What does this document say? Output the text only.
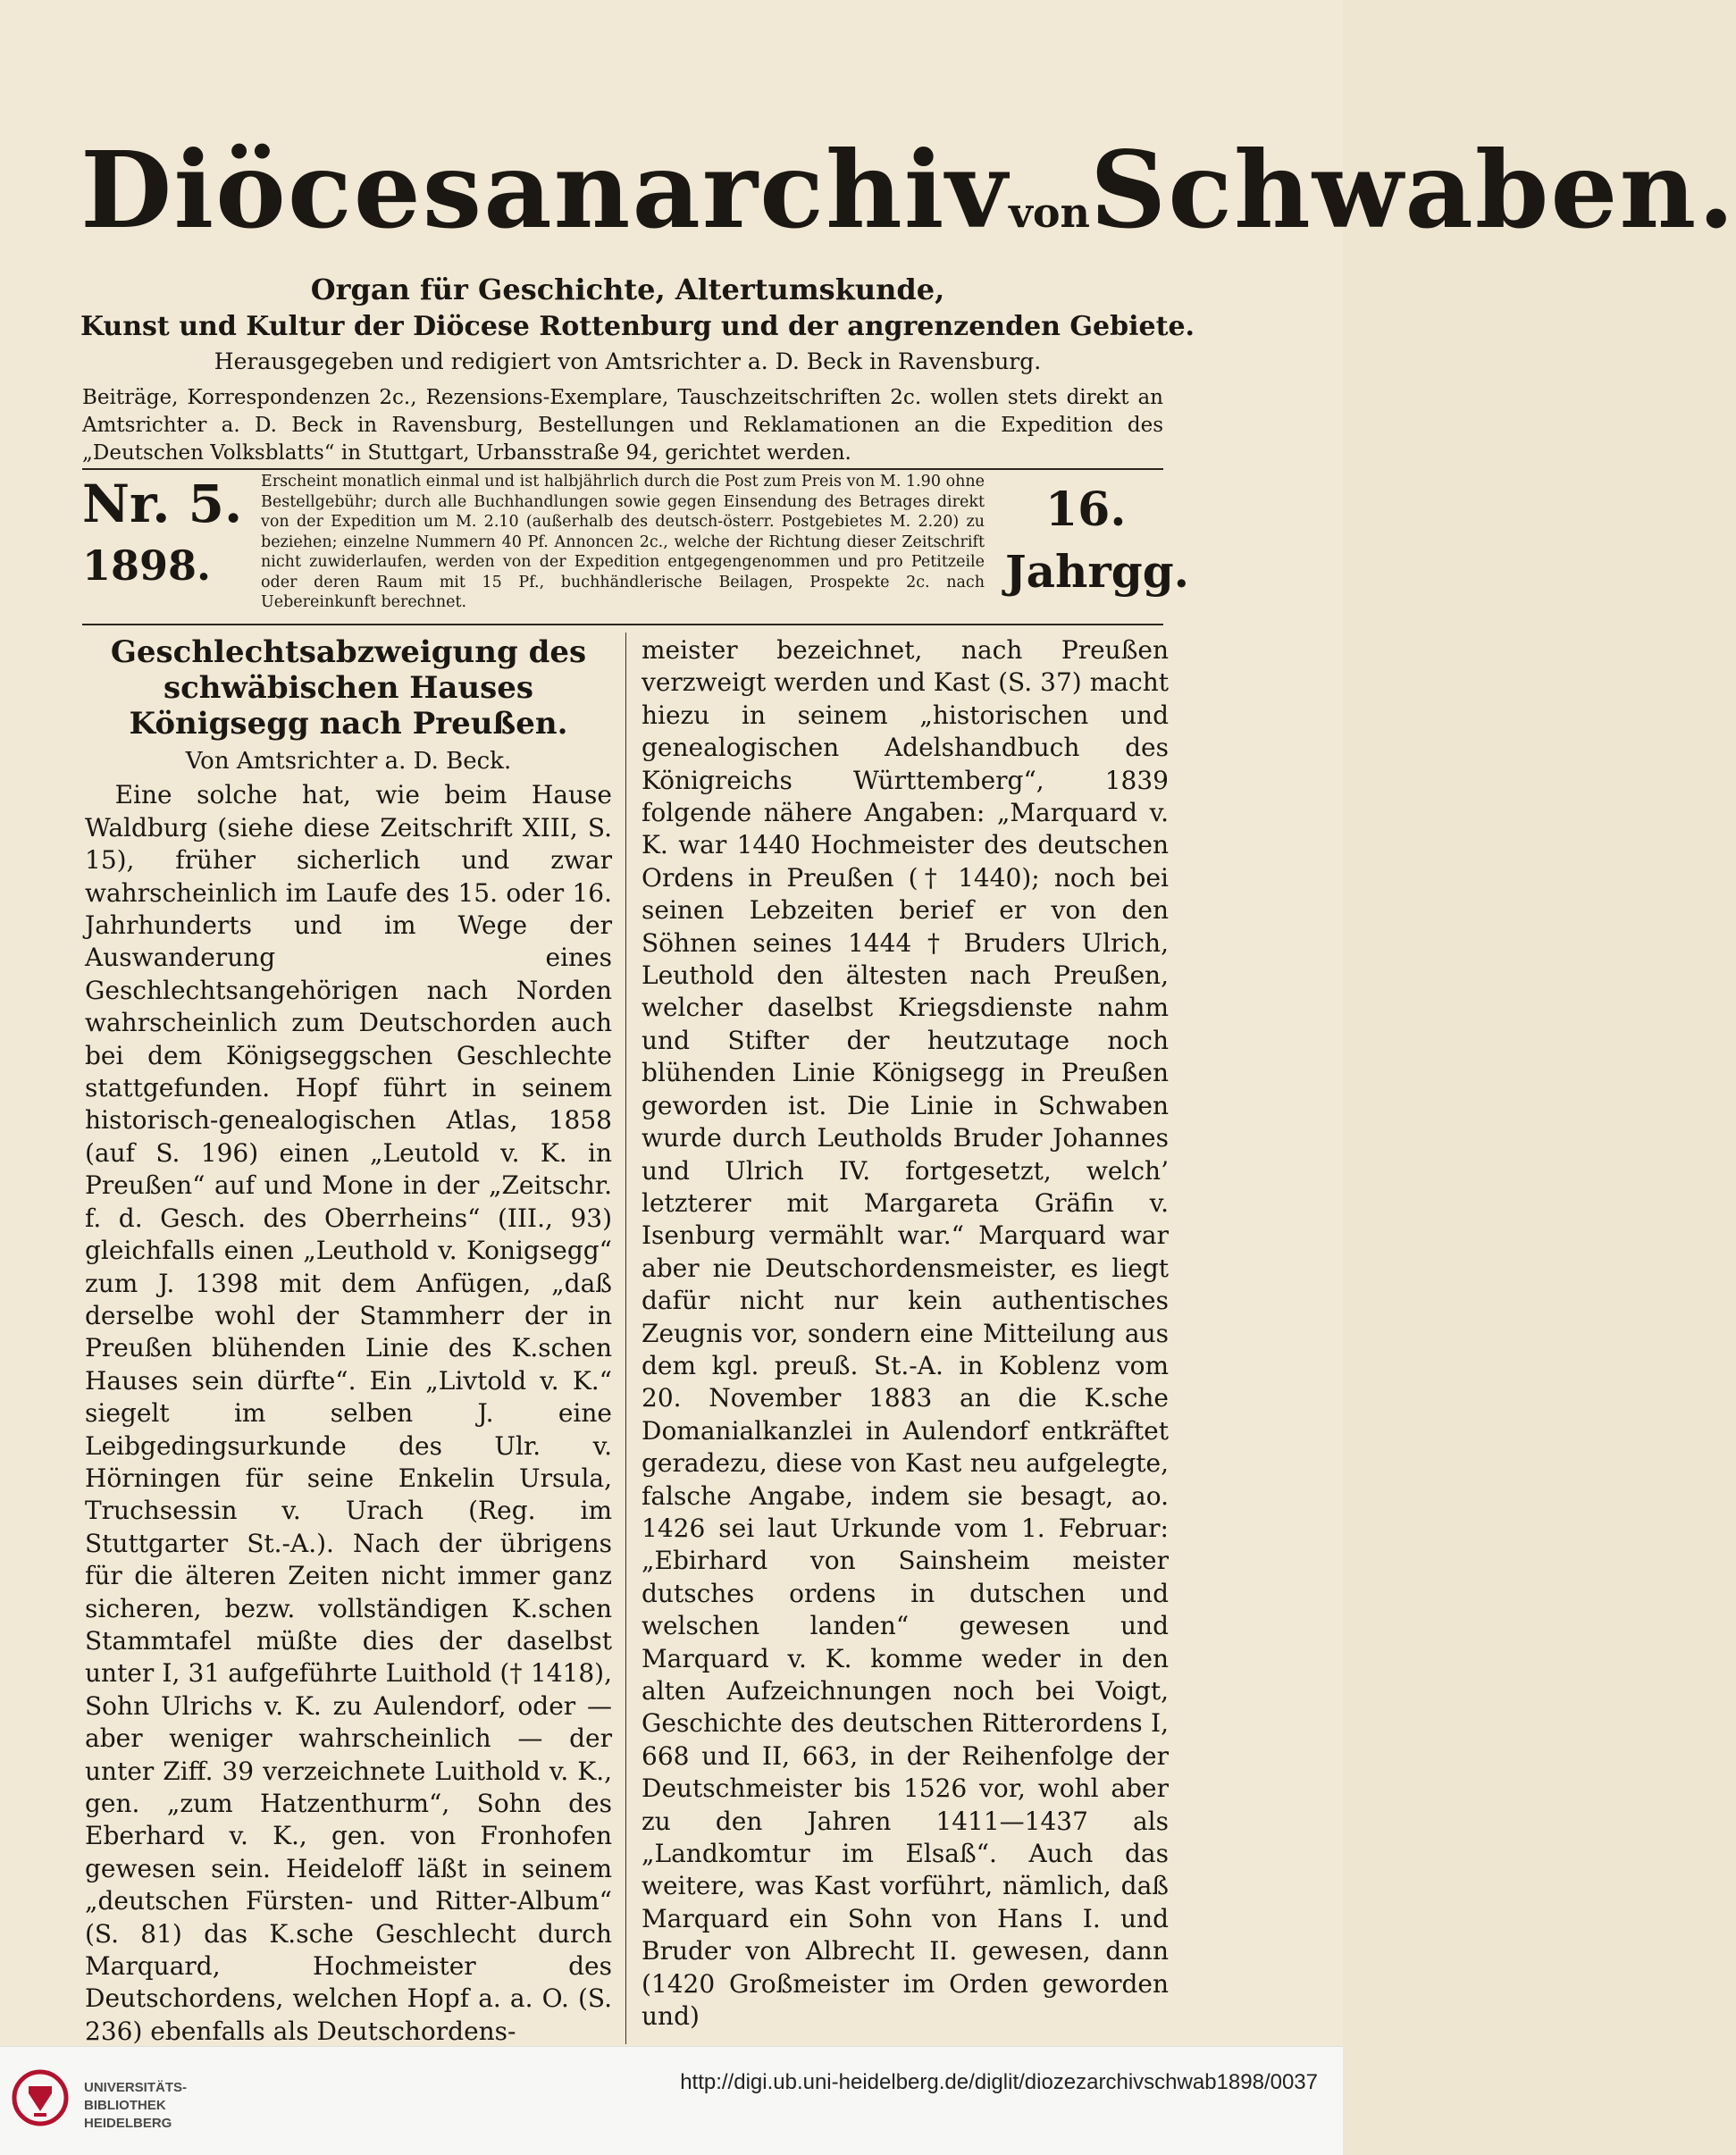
DiöcesanarchivvonSchwaben.
Organ für Geschichte, Altertumskunde,
Kunst und Kultur der Diöcese Rottenburg und der angrenzenden Gebiete.
Herausgegeben und redigiert von Amtsrichter a. D. Beck in Ravensburg.
Beiträge, Korrespondenzen 2c., Rezensions-Exemplare, Tauschzeitschriften 2c. wollen stets direkt an Amtsrichter a. D. Beck in Ravensburg, Bestellungen und Reklamationen an die Expedition des „Deutschen Volksblatts“ in Stuttgart, Urbansstraße 94, gerichtet werden.
Nr. 5.
1898.
Erscheint monatlich einmal und ist halbjährlich durch die Post zum Preis von M. 1.90 ohne Bestellgebühr; durch alle Buchhandlungen sowie gegen Einsendung des Betrages direkt von der Expedition um M. 2.10 (außerhalb des deutsch-österr. Postgebietes M. 2.20) zu beziehen; einzelne Nummern 40 Pf. Annoncen 2c., welche der Richtung dieser Zeitschrift nicht zuwiderlaufen, werden von der Expedition entgegengenommen und pro Petitzeile oder deren Raum mit 15 Pf., buchhändlerische Beilagen, Prospekte 2c. nach Uebereinkunft berechnet.
16.
Jahrgg.
Geschlechtsabzweigung des schwäbischen Hauses Königsegg nach Preußen.
Von Amtsrichter a. D. Beck.

Eine solche hat, wie beim Hause Waldburg (siehe diese Zeitschrift XIII, S. 15), früher sicherlich und zwar wahrscheinlich im Laufe des 15. oder 16. Jahrhunderts und im Wege der Auswanderung eines Geschlechtsangehörigen nach Norden wahrscheinlich zum Deutschorden auch bei dem Königseggschen Geschlechte stattgefunden. Hopf führt in seinem historisch-genealogischen Atlas, 1858 (auf S. 196) einen „Leutold v. K. in Preußen“ auf und Mone in der „Zeitschr. f. d. Gesch. des Oberrheins“ (III., 93) gleichfalls einen „Leuthold v. Konigsegg“ zum J. 1398 mit dem Anfügen, „daß derselbe wohl der Stammherr der in Preußen blühenden Linie des K.schen Hauses sein dürfte“. Ein „Livtold v. K.“ siegelt im selben J. eine Leibgedingsurkunde des Ulr. v. Hörningen für seine Enkelin Ursula, Truchsessin v. Urach (Reg. im Stuttgarter St.-A.). Nach der übrigens für die älteren Zeiten nicht immer ganz sicheren, bezw. vollständigen K.schen Stammtafel müßte dies der daselbst unter I, 31 aufgeführte Luithold († 1418), Sohn Ulrichs v. K. zu Aulendorf, oder — aber weniger wahrscheinlich — der unter Ziff. 39 verzeichnete Luithold v. K., gen. „zum Hatzenthurm“, Sohn des Eberhard v. K., gen. von Fronhofen gewesen sein. Heideloff läßt in seinem „deutschen Fürsten- und Ritter-Album“ (S. 81) das K.sche Geschlecht durch Marquard, Hochmeister des Deutschordens, welchen Hopf a. a. O. (S. 236) ebenfalls als Deutschordens-

meister bezeichnet, nach Preußen verzweigt werden und Kast (S. 37) macht hiezu in seinem „historischen und genealogischen Adelshandbuch des Königreichs Württemberg“, 1839 folgende nähere Angaben: „Marquard v. K. war 1440 Hochmeister des deutschen Ordens in Preußen († 1440); noch bei seinen Lebzeiten berief er von den Söhnen seines 1444 † Bruders Ulrich, Leuthold den ältesten nach Preußen, welcher daselbst Kriegsdienste nahm und Stifter der heutzutage noch blühenden Linie Königsegg in Preußen geworden ist. Die Linie in Schwaben wurde durch Leutholds Bruder Johannes und Ulrich IV. fortgesetzt, welch’ letzterer mit Margareta Gräfin v. Isenburg vermählt war.“ Marquard war aber nie Deutschordensmeister, es liegt dafür nicht nur kein authentisches Zeugnis vor, sondern eine Mitteilung aus dem kgl. preuß. St.-A. in Koblenz vom 20. November 1883 an die K.sche Domanialkanzlei in Aulendorf entkräftet geradezu, diese von Kast neu aufgelegte, falsche Angabe, indem sie besagt, ao. 1426 sei laut Urkunde vom 1. Februar: „Ebirhard von Sainsheim meister dutsches ordens in dutschen und welschen landen“ gewesen und Marquard v. K. komme weder in den alten Aufzeichnungen noch bei Voigt, Geschichte des deutschen Ritterordens I, 668 und II, 663, in der Reihenfolge der Deutschmeister bis 1526 vor, wohl aber zu den Jahren 1411—1437 als „Landkomtur im Elsaß“. Auch das weitere, was Kast vorführt, nämlich, daß Marquard ein Sohn von Hans I. und Bruder von Albrecht II. gewesen, dann (1420 Großmeister im Orden geworden und)

UNIVERSITÄTS-
BIBLIOTHEK
HEIDELBERG
http://digi.ub.uni-heidelberg.de/diglit/diozezarchivschwab1898/0037
